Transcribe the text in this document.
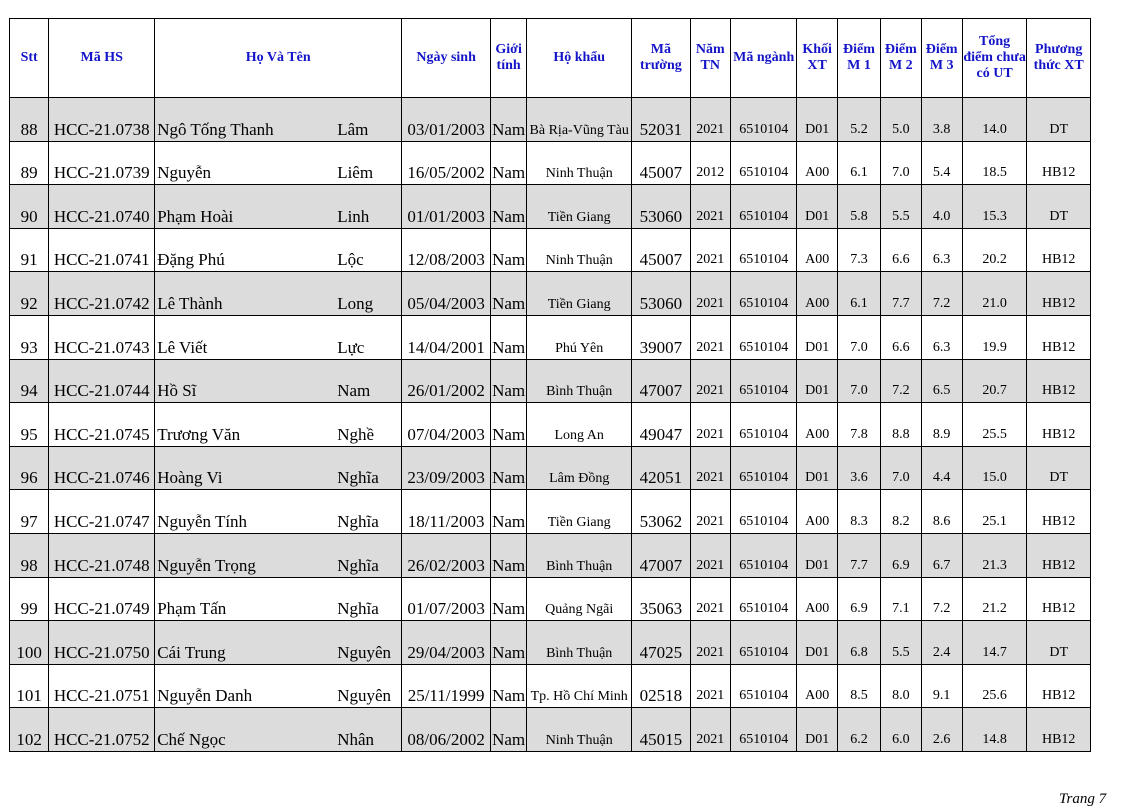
Stt	Mã HS	Họ Và Tên		Ngày sinh	Giới tính	Hộ khẩu	Mã trường	Năm TN	Mã ngành	Khối XT	Điểm M 1	Điểm M 2	Điểm M 3	Tổng điểm chưa có UT	Phương thức XT
88	HCC-21.0738	Ngô Tống Thanh	Lâm	03/01/2003	Nam	Bà Rịa-Vũng Tàu	52031	2021	6510104	D01	5.2	5.0	3.8	14.0	DT
89	HCC-21.0739	Nguyễn	Liêm	16/05/2002	Nam	Ninh Thuận	45007	2012	6510104	A00	6.1	7.0	5.4	18.5	HB12
90	HCC-21.0740	Phạm Hoài	Linh	01/01/2003	Nam	Tiền Giang	53060	2021	6510104	D01	5.8	5.5	4.0	15.3	DT
91	HCC-21.0741	Đặng Phú	Lộc	12/08/2003	Nam	Ninh Thuận	45007	2021	6510104	A00	7.3	6.6	6.3	20.2	HB12
92	HCC-21.0742	Lê Thành	Long	05/04/2003	Nam	Tiền Giang	53060	2021	6510104	A00	6.1	7.7	7.2	21.0	HB12
93	HCC-21.0743	Lê Viết	Lực	14/04/2001	Nam	Phú Yên	39007	2021	6510104	D01	7.0	6.6	6.3	19.9	HB12
94	HCC-21.0744	Hồ Sĩ	Nam	26/01/2002	Nam	Bình Thuận	47007	2021	6510104	D01	7.0	7.2	6.5	20.7	HB12
95	HCC-21.0745	Trương Văn	Nghề	07/04/2003	Nam	Long An	49047	2021	6510104	A00	7.8	8.8	8.9	25.5	HB12
96	HCC-21.0746	Hoàng Vi	Nghĩa	23/09/2003	Nam	Lâm Đồng	42051	2021	6510104	D01	3.6	7.0	4.4	15.0	DT
97	HCC-21.0747	Nguyễn Tính	Nghĩa	18/11/2003	Nam	Tiền Giang	53062	2021	6510104	A00	8.3	8.2	8.6	25.1	HB12
98	HCC-21.0748	Nguyễn Trọng	Nghĩa	26/02/2003	Nam	Bình Thuận	47007	2021	6510104	D01	7.7	6.9	6.7	21.3	HB12
99	HCC-21.0749	Phạm Tấn	Nghĩa	01/07/2003	Nam	Quảng Ngãi	35063	2021	6510104	A00	6.9	7.1	7.2	21.2	HB12
100	HCC-21.0750	Cái Trung	Nguyên	29/04/2003	Nam	Bình Thuận	47025	2021	6510104	D01	6.8	5.5	2.4	14.7	DT
101	HCC-21.0751	Nguyễn Danh	Nguyên	25/11/1999	Nam	Tp. Hồ Chí Minh	02518	2021	6510104	A00	8.5	8.0	9.1	25.6	HB12
102	HCC-21.0752	Chế Ngọc	Nhân	08/06/2002	Nam	Ninh Thuận	45015	2021	6510104	D01	6.2	6.0	2.6	14.8	HB12
Trang 7
